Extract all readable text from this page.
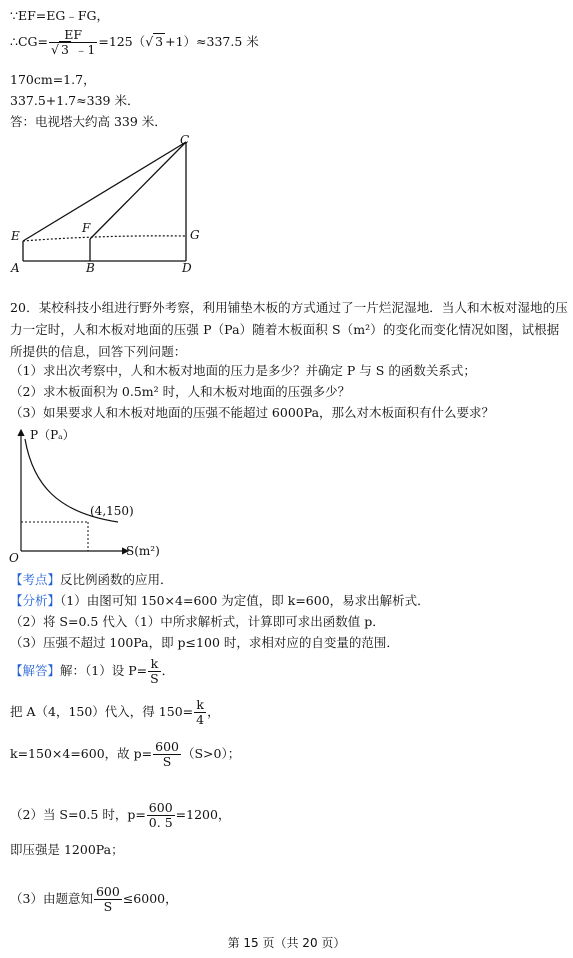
∵EF=EG﹣FG，
∴CG= $\frac{EF}{√ 3 ﹣1} =125(√$ 3 +1）≈337.5 米
170cm=1.7，
337.5+1.7≈339 米．
答：电视塔大约高 339 米．
C
E
F	G
A	B	D
20．某校科技小组进行野外考察，利用铺垫木板的方式通过了一片烂泥湿地．当人和木板对湿地的压力一定时，人和木板对地面的压强 P（Pa）随着木板面积 S（m²）的变化而变化情况如图，试根据所提供的信息，回答下列问题：
（1）求出次考察中，人和木板对地面的压力是多少？并确定 P 与 S 的函数关系式；
（2）求木板面积为 0.5m² 时，人和木板对地面的压强多少？
（3）如果要求人和木板对地面的压强不能超过 6000Pa，那么对木板面积有什么要求？
P（Pₐ）
S(m²)
O
(4,150)
【考点】反比例函数的应用．
【分析】（1）由图可知 150×4=600 为定值，即 k=600，易求出解析式．
（2）将 S=0.5 代入（1）中所求解析式，计算即可求出函数值 p．
（3）压强不超过 100Pa，即 p≤100 时，求相对应的自变量的范围．
【解答】解：（1）设 $P= \frac{k}{S}$ ．
把 A（4，150）代入，得 $150= \frac{k}{4}$ ，
k=150×4=600，故 $p= \frac{600}{S} (S>0)$；
（2）当 S=0.5 时，$p= \frac{600}{0. 5} =1200$，
即压强是 1200Pa；
（3）由题意知 $\frac{600}{S} \le 6000$，
第 15 页（共 20 页）
